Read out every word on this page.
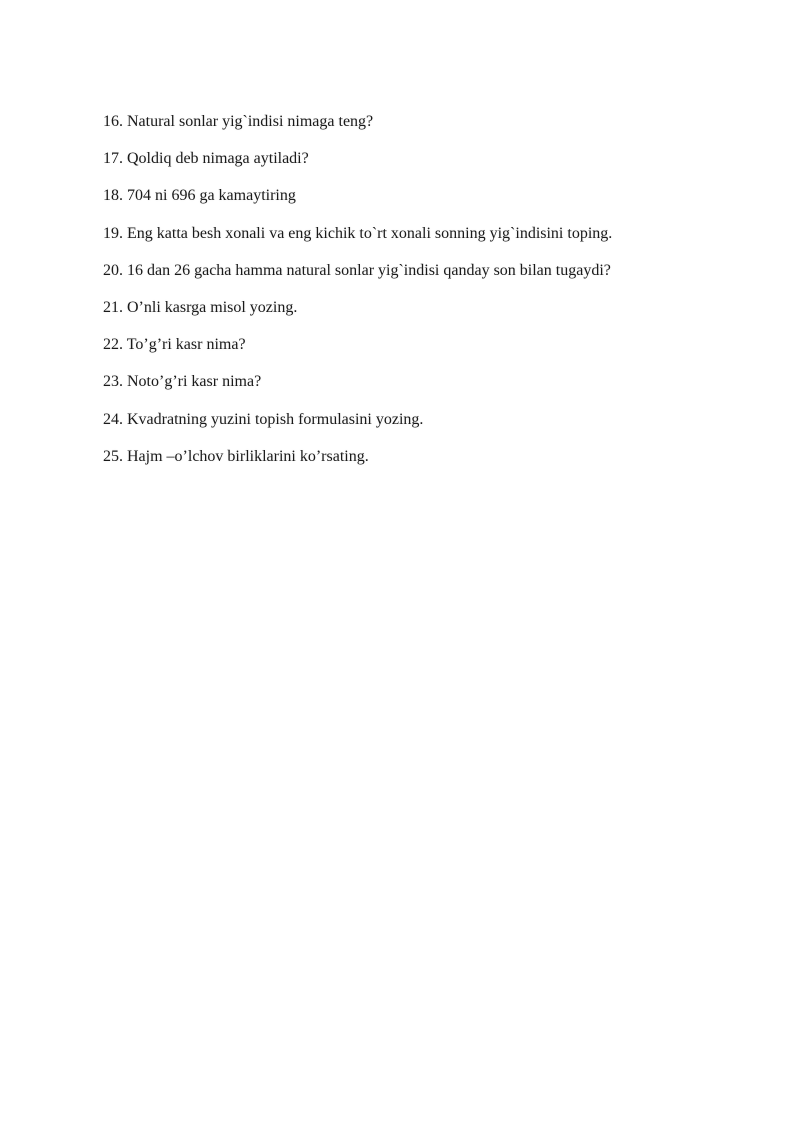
16. Natural sonlar yig`indisi nimaga teng?
17. Qoldiq deb nimaga aytiladi?
18. 704 ni 696 ga kamaytiring
19. Eng katta besh xonali va eng kichik to`rt xonali sonning yig`indisini toping.
20. 16 dan 26 gacha hamma natural sonlar yig`indisi qanday son bilan tugaydi?
21. O’nli kasrga misol yozing.
22. To’g’ri kasr nima?
23. Noto’g’ri kasr nima?
24. Kvadratning yuzini topish formulasini yozing.
25. Hajm –o’lchov birliklarini ko’rsating.
